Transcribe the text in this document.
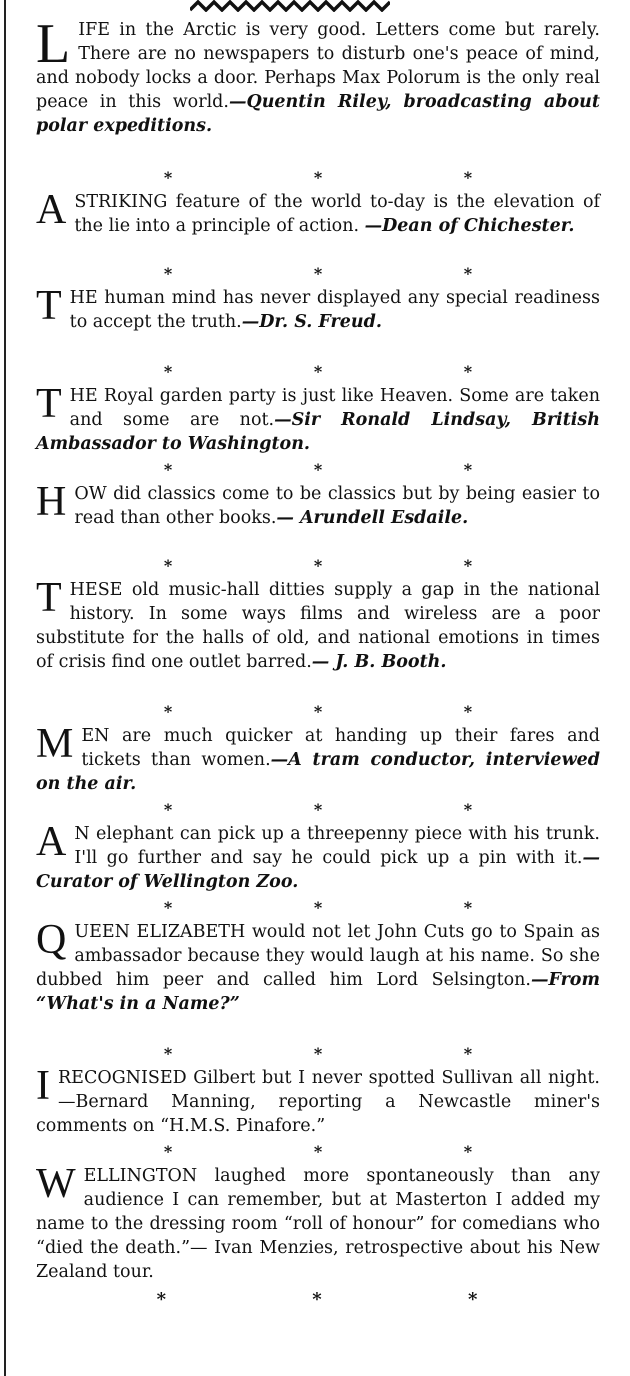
LIFE in the Arctic is very good. Letters come but rarely. There are no newspapers to disturb one's peace of mind, and nobody locks a door. Perhaps Max Polorum is the only real peace in this world.—Quentin Riley, broadcasting about polar expeditions.

* * *

A STRIKING feature of the world to-day is the elevation of the lie into a principle of action. —Dean of Chichester.

* * *

THE human mind has never displayed any special readiness to accept the truth.—Dr. S. Freud.

* * *

THE Royal garden party is just like Heaven. Some are taken and some are not.—Sir Ronald Lindsay, British Ambassador to Washington.

* * *

HOW did classics come to be classics but by being easier to read than other books.— Arundell Esdaile.

* * *

THESE old music-hall ditties supply a gap in the national history. In some ways films and wireless are a poor substitute for the halls of old, and national emotions in times of crisis find one outlet barred.— J. B. Booth.

* * *

MEN are much quicker at handing up their fares and tickets than women.—A tram conductor, interviewed on the air.

* * *

A N elephant can pick up a threepenny piece with his trunk. I'll go further and say he could pick up a pin with it.—Curator of Wellington Zoo.

* * *

QUEEN ELIZABETH would not let John Cuts go to Spain as ambassador because they would laugh at his name. So she dubbed him peer and called him Lord Selsington.—From “What's in a Name?”

* * *

I RECOGNISED Gilbert but I never spotted Sullivan all night.—Bernard Manning, reporting a Newcastle miner's comments on “H.M.S. Pinafore.”

* * *

WELLINGTON laughed more spontaneously than any audience I can remember, but at Masterton I added my name to the dressing room “roll of honour” for comedians who “died the death.”— Ivan Menzies, retrospective about his New Zealand tour.

* * *
